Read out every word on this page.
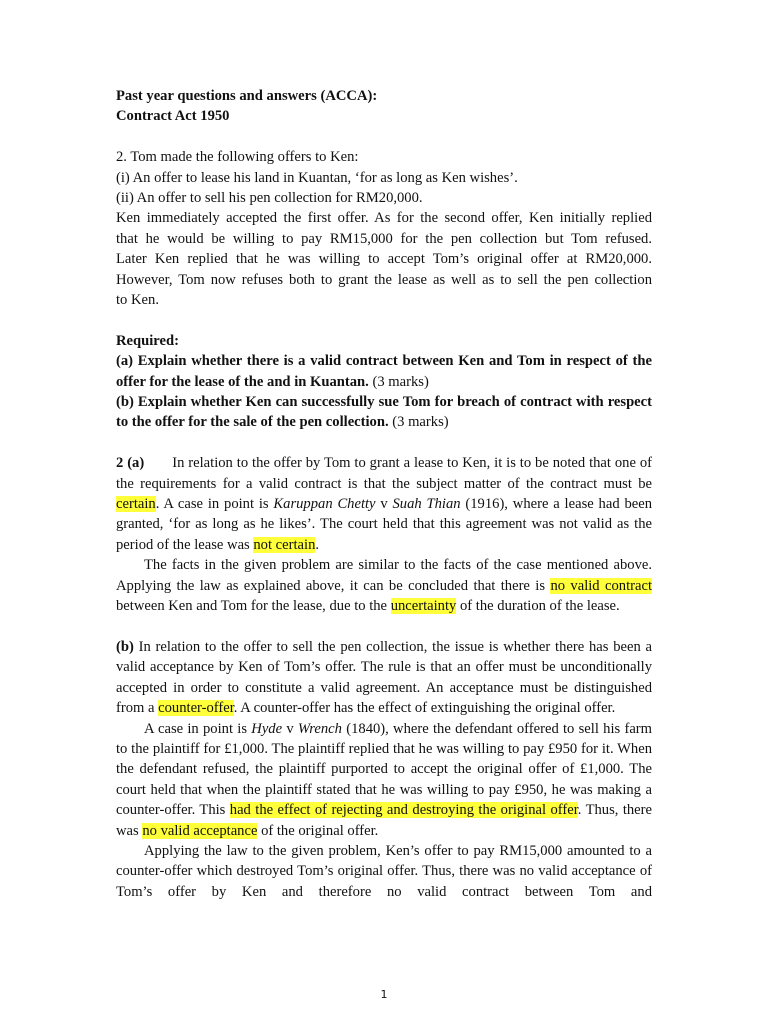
Past year questions and answers (ACCA):

Contract Act 1950

2. Tom made the following offers to Ken:

(i) An offer to lease his land in Kuantan, ‘for as long as Ken wishes’.

(ii) An offer to sell his pen collection for RM20,000.

Ken immediately accepted the first offer. As for the second offer, Ken initially replied

that he would be willing to pay RM15,000 for the pen collection but Tom refused.

Later Ken replied that he was willing to accept Tom’s original offer at RM20,000.

However, Tom now refuses both to grant the lease as well as to sell the pen collection

to Ken.

Required:

(a) Explain whether there is a valid contract between Ken and Tom in respect of the offer for the lease of the and in Kuantan. (3 marks)

(b) Explain whether Ken can successfully sue Tom for breach of contract with respect to the offer for the sale of the pen collection. (3 marks)

2 (a) In relation to the offer by Tom to grant a lease to Ken, it is to be noted that one of the requirements for a valid contract is that the subject matter of the contract must be certain. A case in point is Karuppan Chetty v Suah Thian (1916), where a lease had been granted, ‘for as long as he likes’. The court held that this agreement was not valid as the period of the lease was not certain.

The facts in the given problem are similar to the facts of the case mentioned above. Applying the law as explained above, it can be concluded that there is no valid contract between Ken and Tom for the lease, due to the uncertainty of the duration of the lease.

(b) In relation to the offer to sell the pen collection, the issue is whether there has been a valid acceptance by Ken of Tom’s offer. The rule is that an offer must be unconditionally accepted in order to constitute a valid agreement. An acceptance must be distinguished from a counter-offer. A counter-offer has the effect of extinguishing the original offer.

A case in point is Hyde v Wrench (1840), where the defendant offered to sell his farm to the plaintiff for £1,000. The plaintiff replied that he was willing to pay £950 for it. When the defendant refused, the plaintiff purported to accept the original offer of £1,000. The court held that when the plaintiff stated that he was willing to pay £950, he was making a counter-offer. This had the effect of rejecting and destroying the original offer. Thus, there was no valid acceptance of the original offer.

Applying the law to the given problem, Ken’s offer to pay RM15,000 amounted to a counter-offer which destroyed Tom’s original offer. Thus, there was no valid acceptance of Tom’s offer by Ken and therefore no valid contract between Tom and

1
